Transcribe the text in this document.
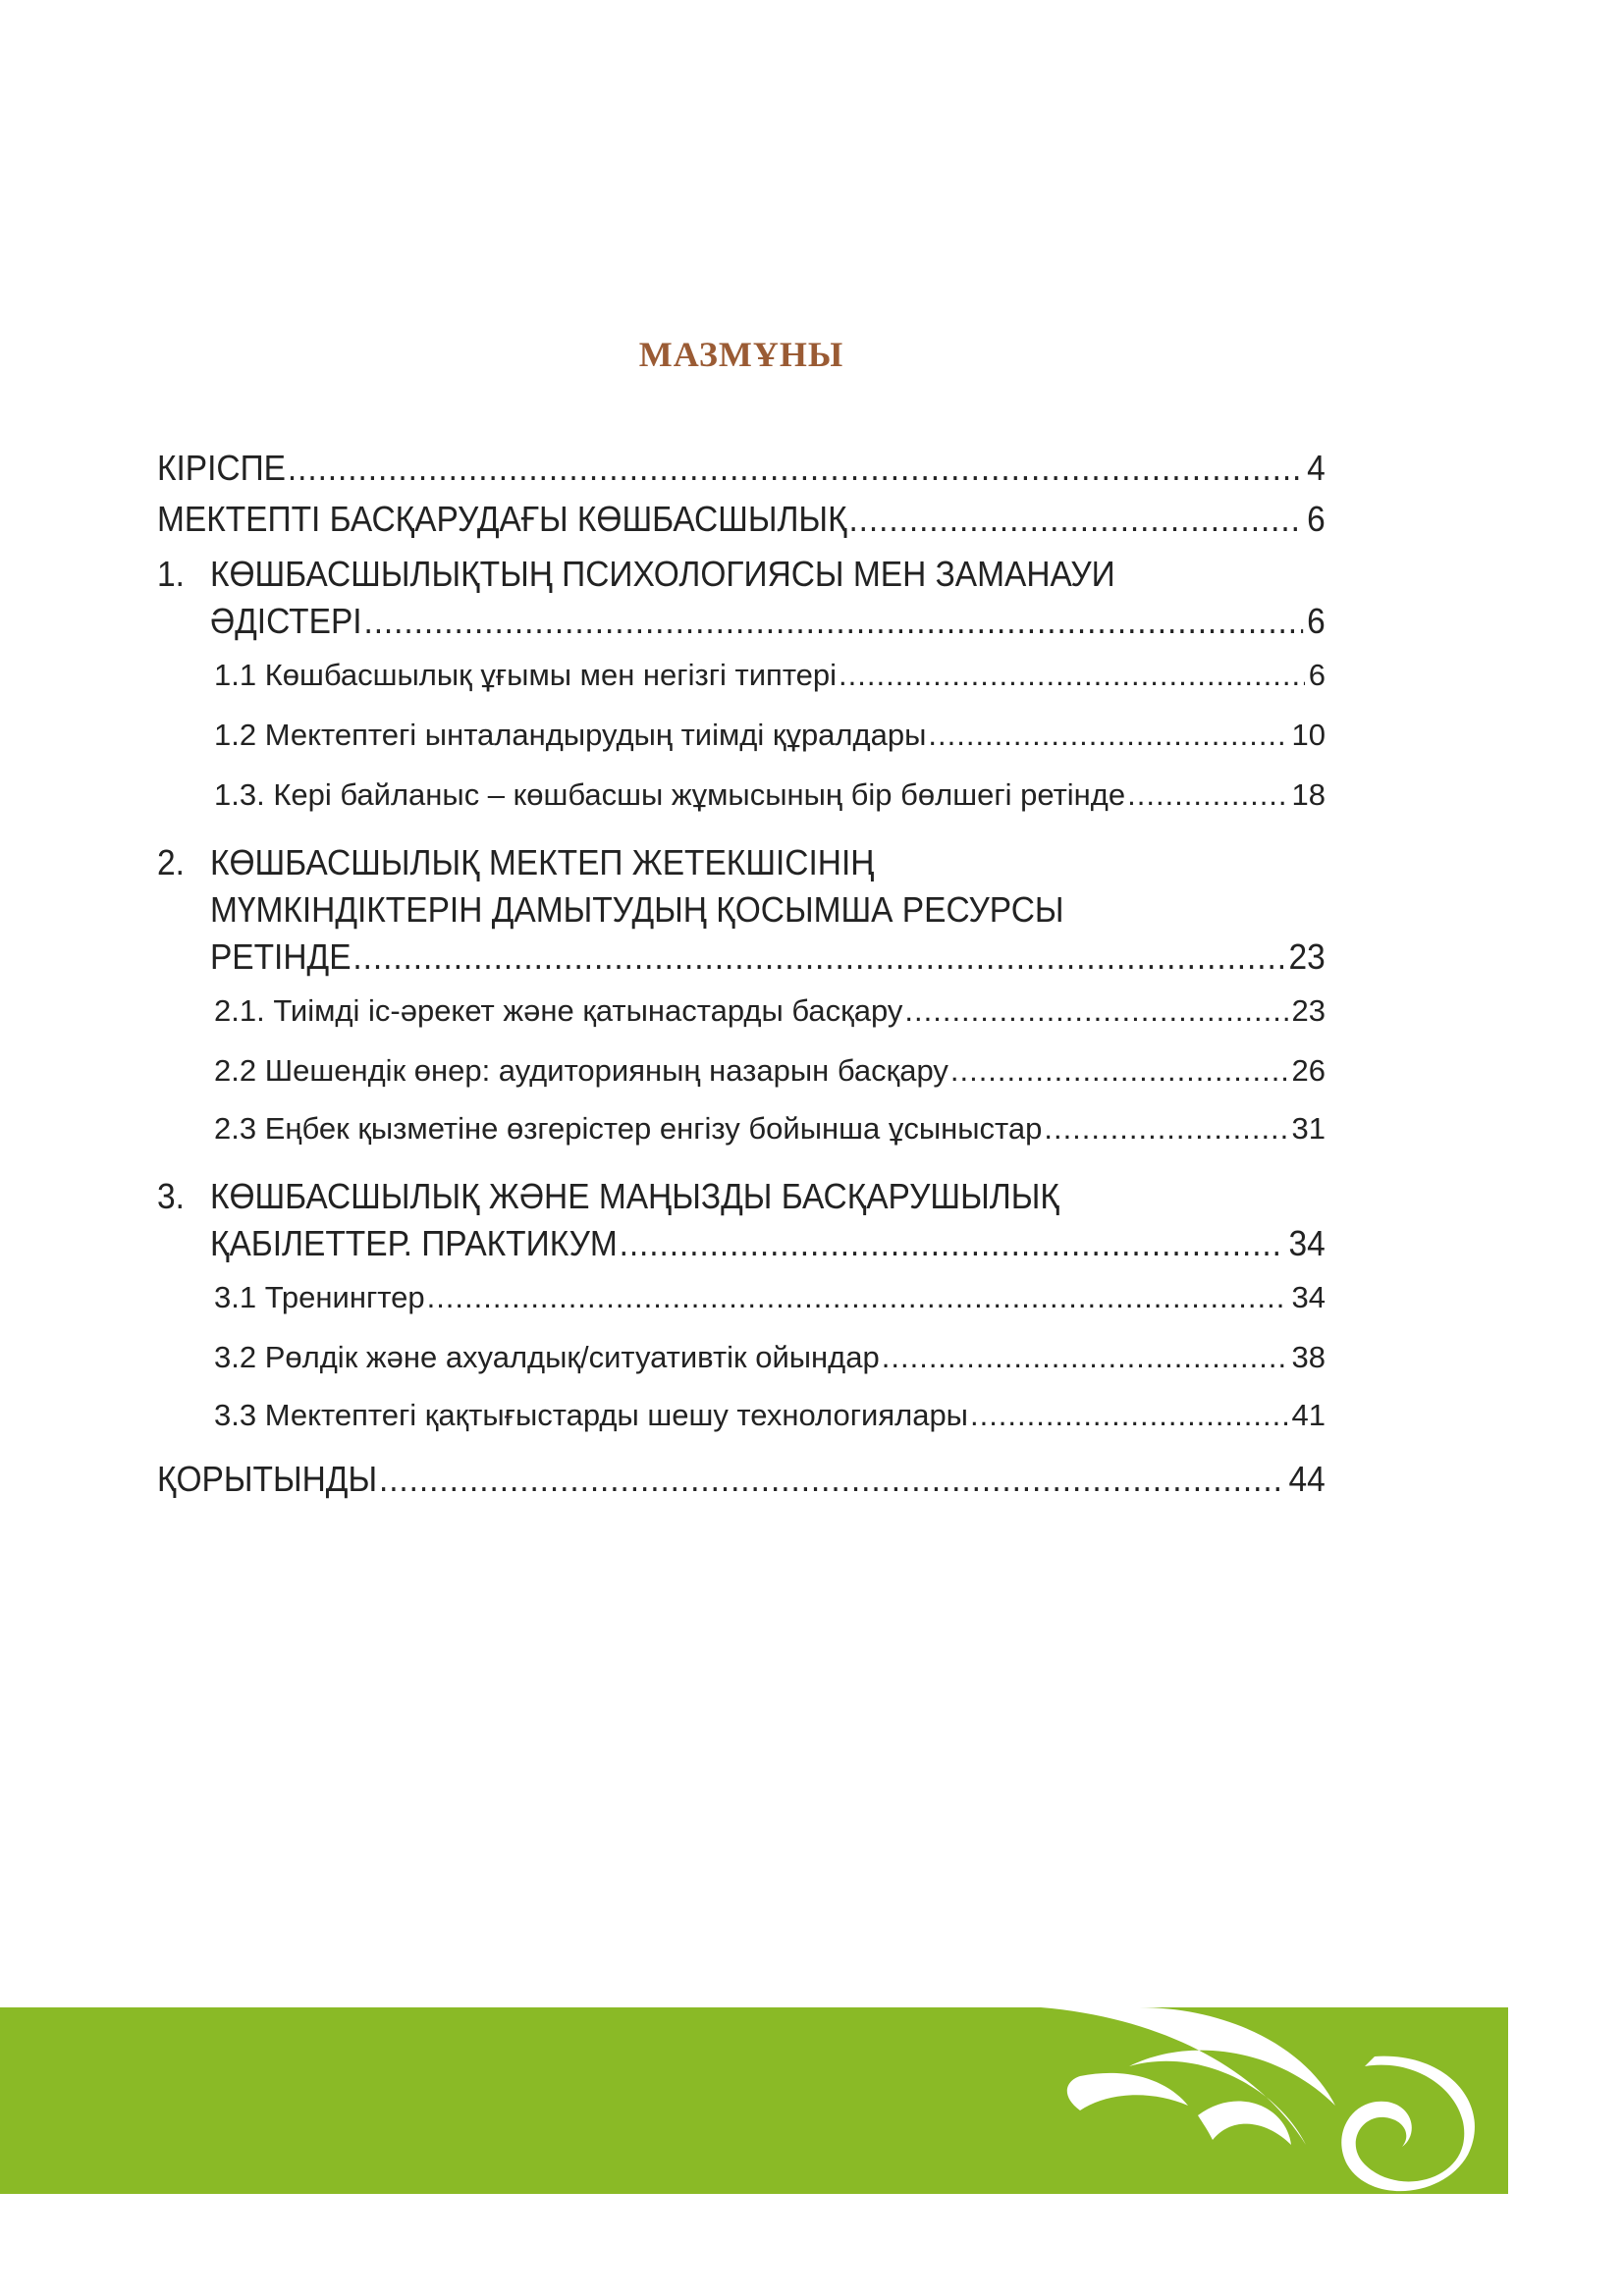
МАЗМҰНЫ
КІРІСПЕ .....	4
МЕКТЕПТІ БАСҚАРУДАҒЫ КӨШБАСШЫЛЫҚ .....	6
1. КӨШБАСШЫЛЫҚТЫҢ ПСИХОЛОГИЯСЫ МЕН ЗАМАНАУИ
ӘДІСТЕРІ .....	6
1.1 Көшбасшылық ұғымы мен негізгі типтері .....	6
1.2 Мектептегі ынталандырудың тиімді құралдары .....	10
1.3. Кері байланыс – көшбасшы жұмысының бір бөлшегі ретінде .....	18
2. КӨШБАСШЫЛЫҚ МЕКТЕП ЖЕТЕКШІСІНІҢ
МҮМКІНДІКТЕРІН ДАМЫТУДЫҢ ҚОСЫМША РЕСУРСЫ
РЕТІНДЕ .....	23
2.1. Тиімді іс-әрекет және қатынастарды басқару .....	23
2.2 Шешендік өнер: аудиторияның назарын басқару .....	26
2.3 Еңбек қызметіне өзгерістер енгізу бойынша ұсыныстар .....	31
3. КӨШБАСШЫЛЫҚ ЖӘНЕ МАҢЫЗДЫ БАСҚАРУШЫЛЫҚ
ҚАБІЛЕТТЕР. ПРАКТИКУМ .....	34
3.1 Тренингтер .....	34
3.2 Рөлдік және ахуалдық/ситуативтік ойындар .....	38
3.3 Мектептегі қақтығыстарды шешу технологиялары .....	41
ҚОРЫТЫНДЫ .....	44
